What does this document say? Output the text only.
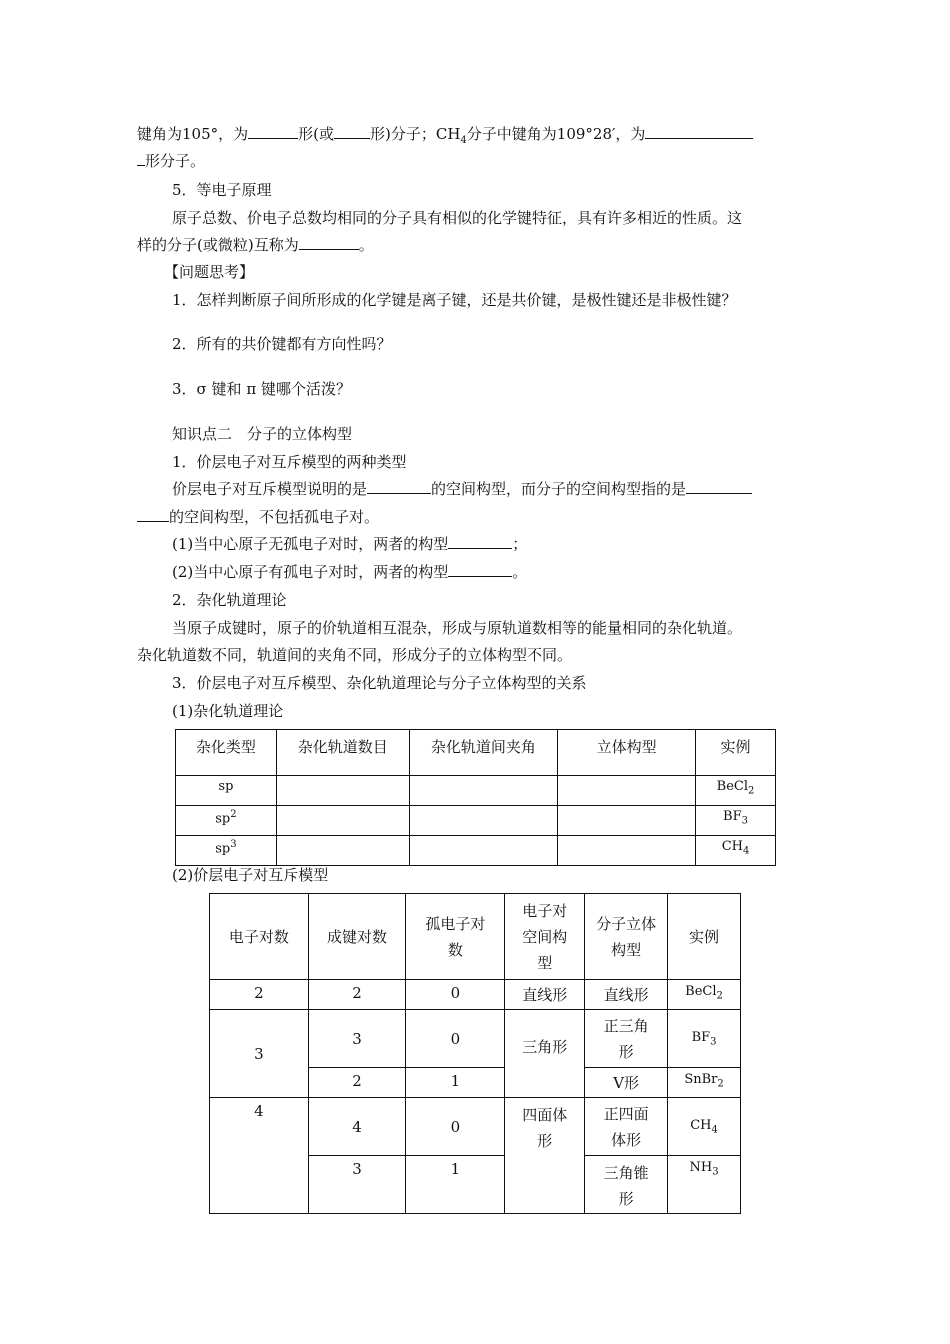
键角为105°，为	形(或 形)分子；$CH_4$分子中键角为109°28′，为
形分子。
5．等电子原理
原子总数、价电子总数均相同的分子具有相似的化学键特征，具有许多相近的性质。这
样的分子(或微粒)互称为	。
【问题思考】
1．怎样判断原子间所形成的化学键是离子键，还是共价键，是极性键还是非极性键？
2．所有的共价键都有方向性吗？
3．σ 键和 π 键哪个活泼？
知识点二　分子的立体构型
1．价层电子对互斥模型的两种类型
价层电子对互斥模型说明的是	的空间构型，而分子的空间构型指的是
的空间构型，不包括孤电子对。
(1)当中心原子无孤电子对时，两者的构型	；
(2)当中心原子有孤电子对时，两者的构型	。
2．杂化轨道理论
当原子成键时，原子的价轨道相互混杂，形成与原轨道数相等的能量相同的杂化轨道。
杂化轨道数不同，轨道间的夹角不同，形成分子的立体构型不同。
3．价层电子对互斥模型、杂化轨道理论与分子立体构型的关系
(1)杂化轨道理论
杂化类型	杂化轨道数目	杂化轨道间夹角	立体构型	实例
sp				BeCl$_2$
$sp^2$				$BF_3$
$sp^3$				$CH_4$
(2)价层电子对互斥模型
电子对数	成键对数	孤电子对数	电子对空间构型	分子立体构型	实例
2	2	0	直线形	直线形	BeCl$_2$
3	3	0	三角形	正三角形	$BF_3$
	2	1		V形	SnBr$_2$
4	4	0	四面体形	正四面体形	$CH_4$
	3	1		三角锥形	$NH_3$
